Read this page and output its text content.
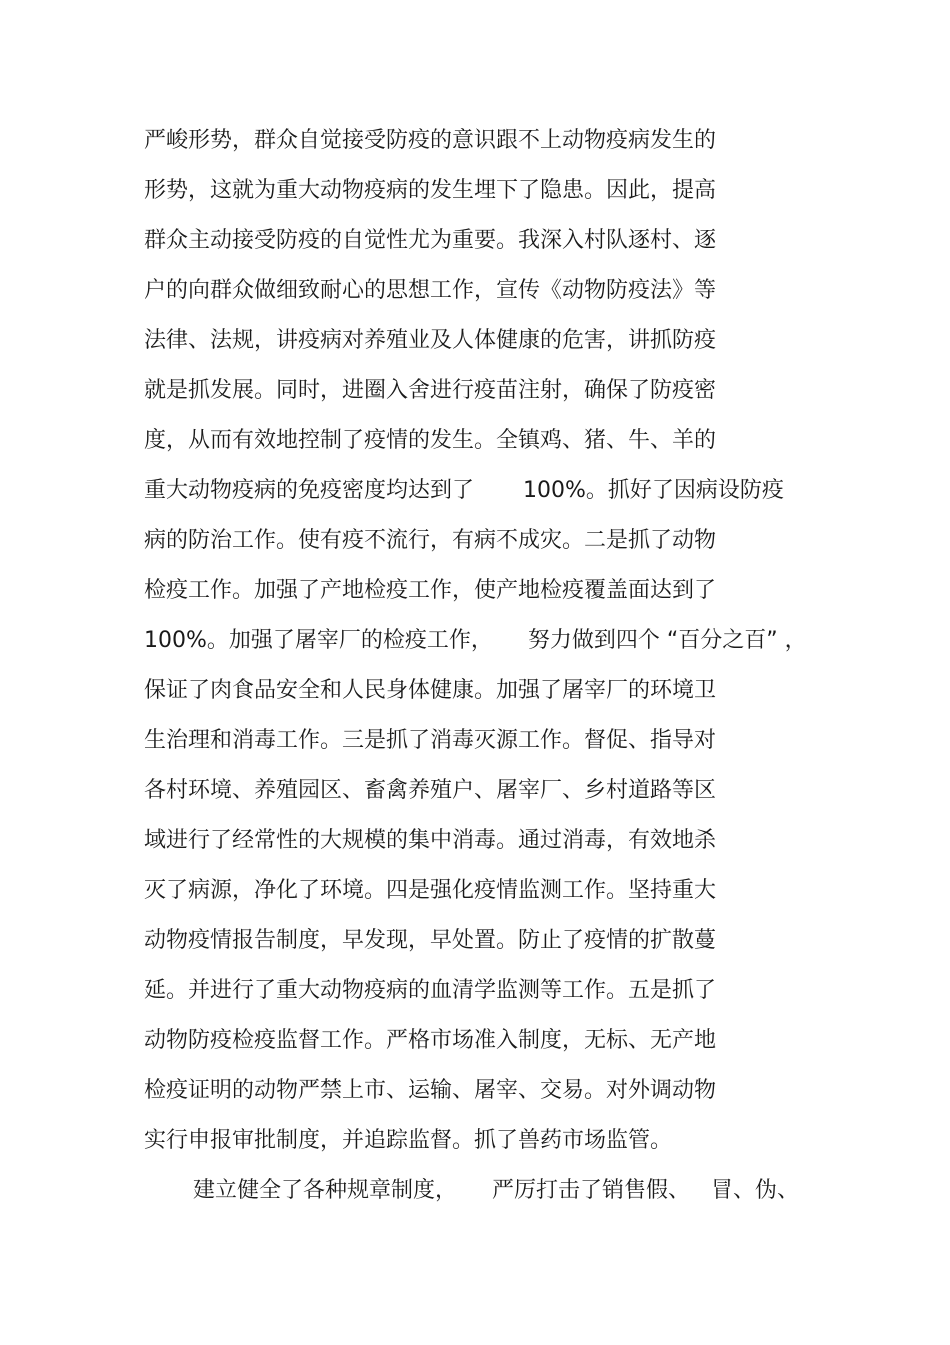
严峻形势，群众自觉接受防疫的意识跟不上动物疫病发生的
形势，这就为重大动物疫病的发生埋下了隐患。因此，提高
群众主动接受防疫的自觉性尤为重要。我深入村队逐村、逐
户的向群众做细致耐心的思想工作，宣传《动物防疫法》等
法律、法规，讲疫病对养殖业及人体健康的危害，讲抓防疫
就是抓发展。同时，进圈入舍进行疫苗注射，确保了防疫密
度，从而有效地控制了疫情的发生。全镇鸡、猪、牛、羊的
重大动物疫病的免疫密度均达到了       100%。抓好了因病设防疫
病的防治工作。使有疫不流行，有病不成灾。二是抓了动物
检疫工作。加强了产地检疫工作，使产地检疫覆盖面达到了
100%。加强了屠宰厂的检疫工作，     努力做到四个 “百分之百” ，
保证了肉食品安全和人民身体健康。加强了屠宰厂的环境卫
生治理和消毒工作。三是抓了消毒灭源工作。督促、指导对
各村环境、养殖园区、畜禽养殖户、屠宰厂、乡村道路等区
域进行了经常性的大规模的集中消毒。通过消毒，有效地杀
灭了病源，净化了环境。四是强化疫情监测工作。坚持重大
动物疫情报告制度，早发现，早处置。防止了疫情的扩散蔓
延。并进行了重大动物疫病的血清学监测等工作。五是抓了
动物防疫检疫监督工作。严格市场准入制度，无标、无产地
检疫证明的动物严禁上市、运输、屠宰、交易。对外调动物
实行申报审批制度，并追踪监督。抓了兽药市场监管。
建立健全了各种规章制度，     严厉打击了销售假、   冒、伪、
